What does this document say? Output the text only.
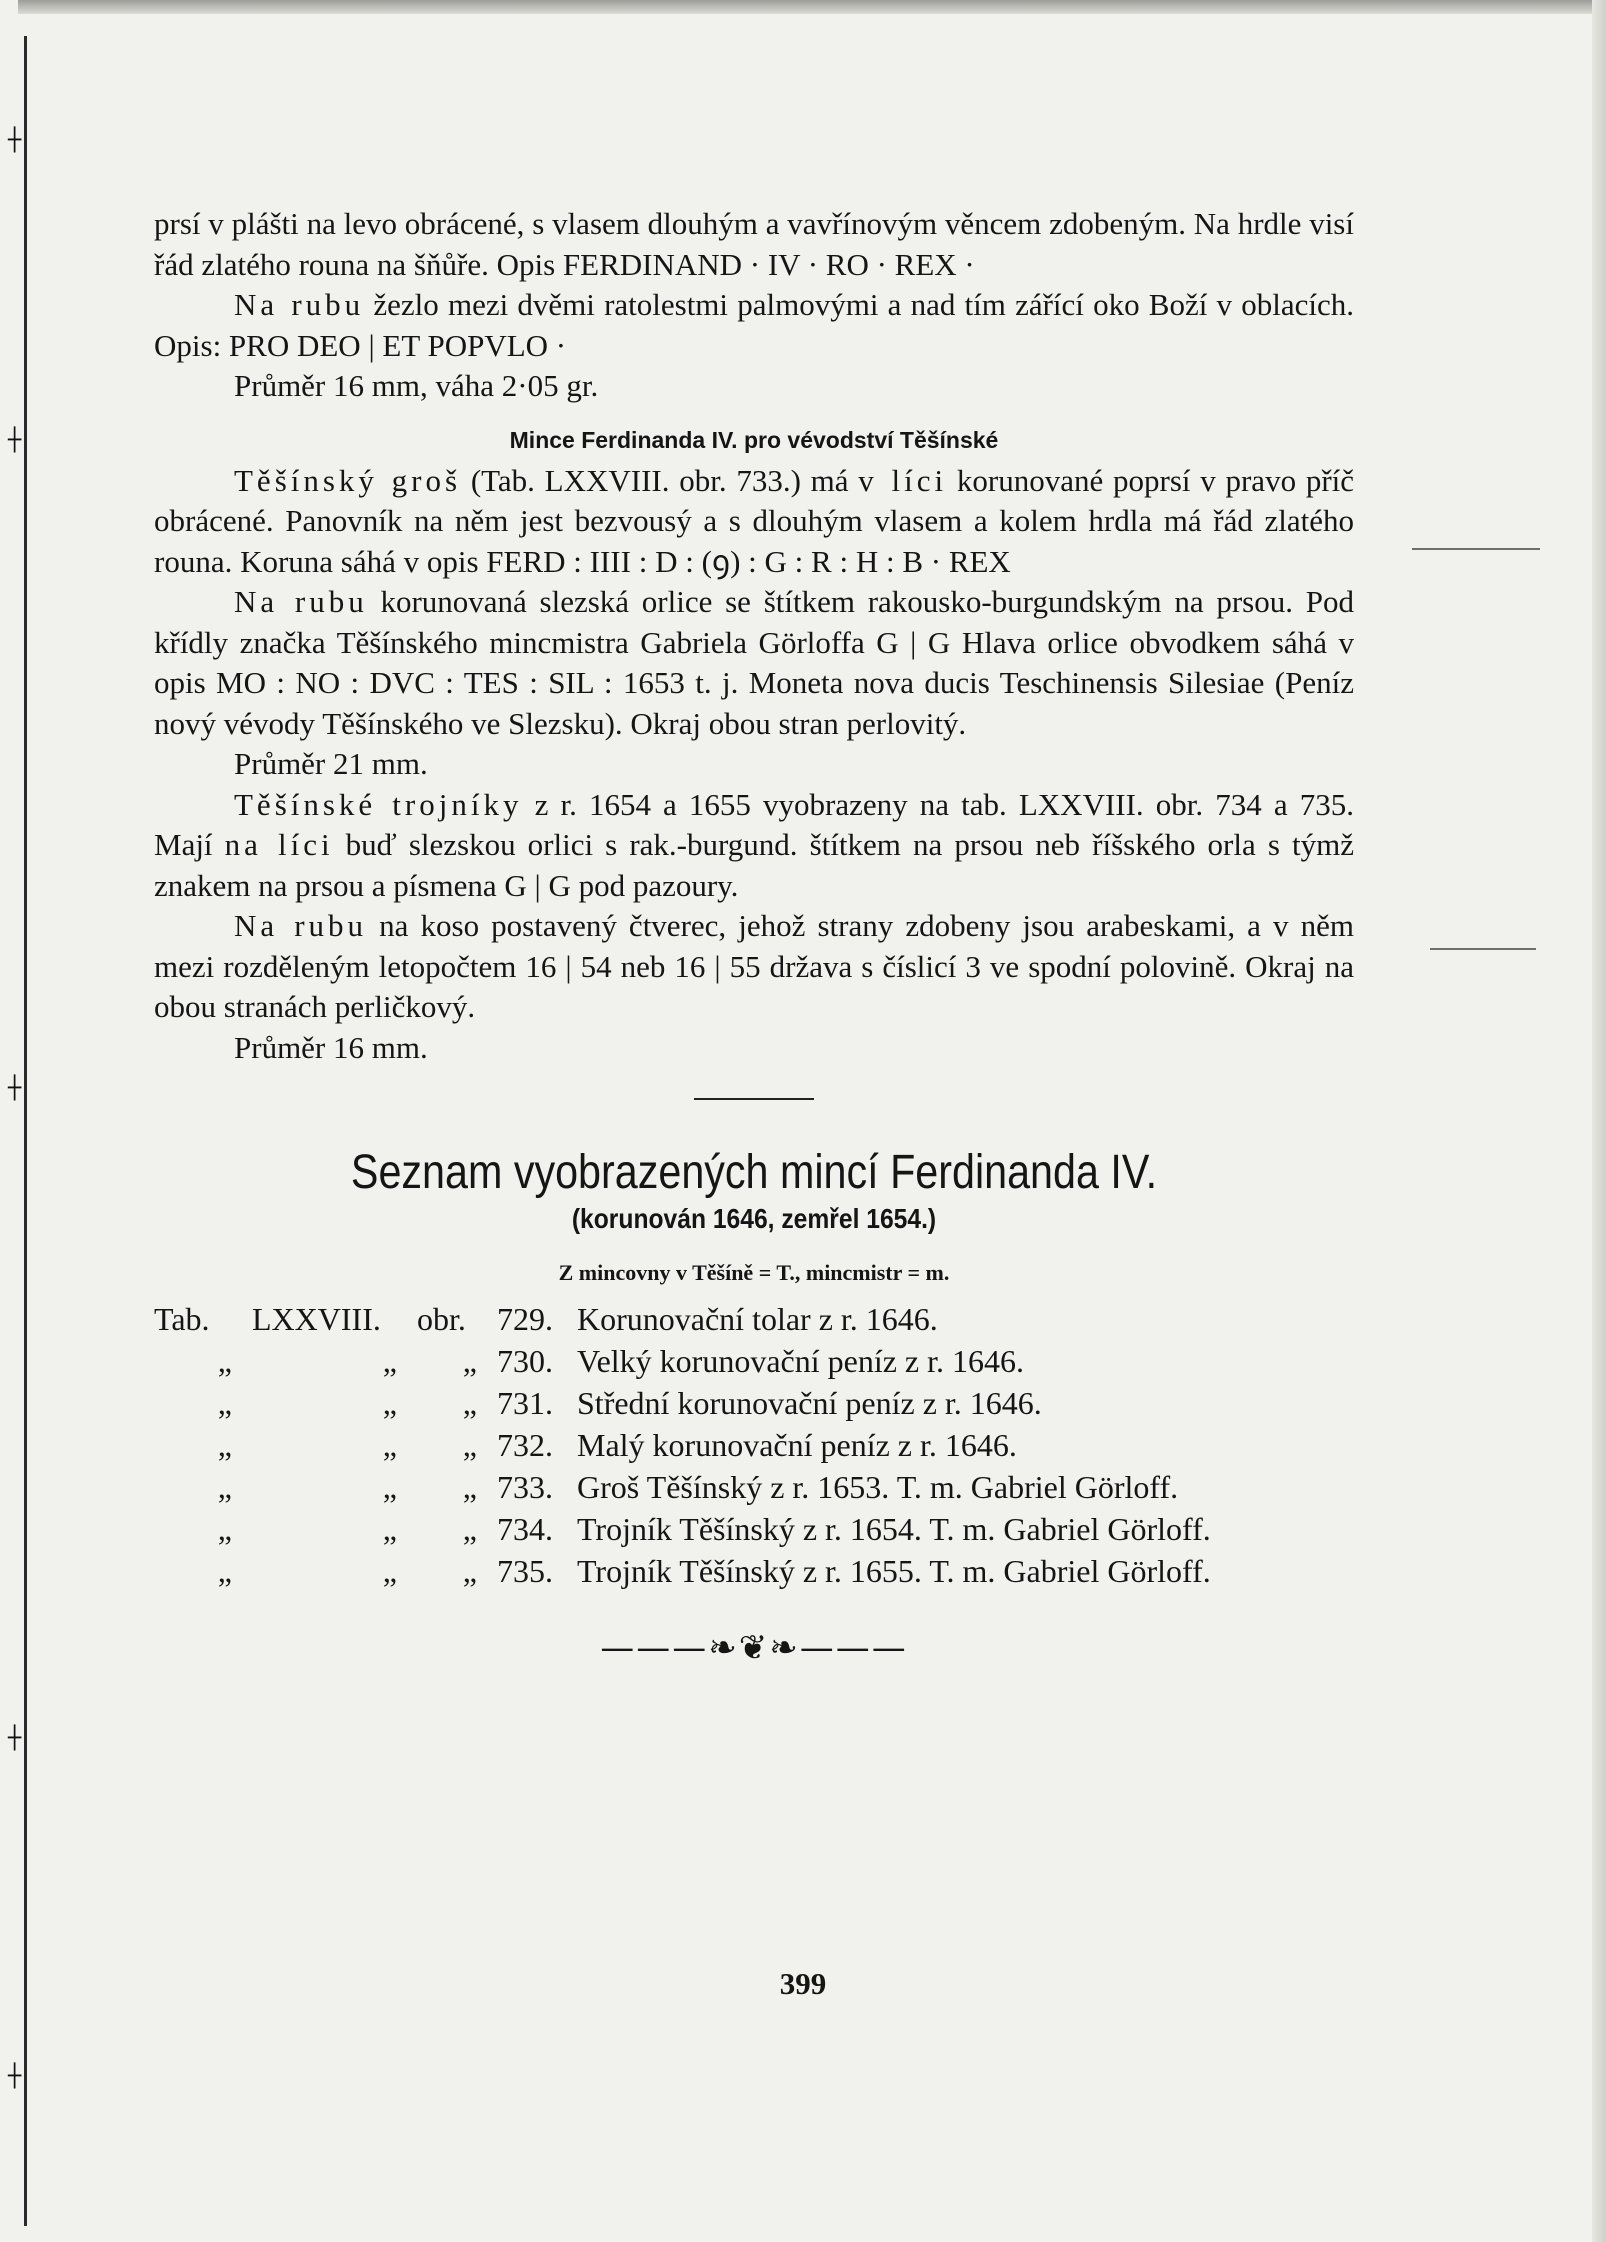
┼
┼
┼
┼
┼

prsí v plášti na levo obrácené, s vlasem dlouhým a vavřínovým věncem zdobeným. Na hrdle visí řád zlatého rouna na šňůře. Opis FERDINAND · IV · RO · REX ·

Na rubu žezlo mezi dvěmi ratolestmi palmovými a nad tím zářící oko Boží v oblacích. Opis: PRO DEO | ET POPVLO ·

Průměr 16 mm, váha 2·05 gr.

Mince Ferdinanda IV. pro vévodství Těšínské

Těšínský groš (Tab. LXXVIII. obr. 733.) má v líci korunované poprsí v pravo příč obrácené. Panovník na něm jest bezvousý a s dlouhým vlasem a kolem hrdla má řád zlatého rouna. Koruna sáhá v opis FERD : IIII : D : (ꝯ) : G : R : H : B · REX

Na rubu korunovaná slezská orlice se štítkem rakousko-burgundským na prsou. Pod křídly značka Těšínského mincmistra Gabriela Görloffa G | G Hlava orlice obvodkem sáhá v opis MO : NO : DVC : TES : SIL : 1653 t. j. Moneta nova ducis Teschinensis Silesiae (Peníz nový vévody Těšínského ve Slezsku). Okraj obou stran perlovitý.

Průměr 21 mm.

Těšínské trojníky z r. 1654 a 1655 vyobrazeny na tab. LXXVIII. obr. 734 a 735. Mají na líci buď slezskou orlici s rak.-burgund. štítkem na prsou neb říšského orla s týmž znakem na prsou a písmena G | G pod pazoury.

Na rubu na koso postavený čtverec, jehož strany zdobeny jsou arabeskami, a v něm mezi rozděleným letopočtem 16 | 54 neb 16 | 55 država s číslicí 3 ve spodní polovině. Okraj na obou stranách perličkový.

Průměr 16 mm.

Seznam vyobrazených mincí Ferdinanda IV.
(korunován 1646, zemřel 1654.)
Z mincovny v Těšíně = T., mincmistr = m.
Tab.	LXXVIII.	obr. 729. Korunovační tolar z r. 1646.
„	„	„ 730. Velký korunovační peníz z r. 1646.
„	„	„ 731. Střední korunovační peníz z r. 1646.
„	„	„ 732. Malý korunovační peníz z r. 1646.
„	„	„ 733. Groš Těšínský z r. 1653. T. m. Gabriel Görloff.
„	„	„ 734. Trojník Těšínský z r. 1654. T. m. Gabriel Görloff.
„	„	„ 735. Trojník Těšínský z r. 1655. T. m. Gabriel Görloff.
———❧❦❧———
399
